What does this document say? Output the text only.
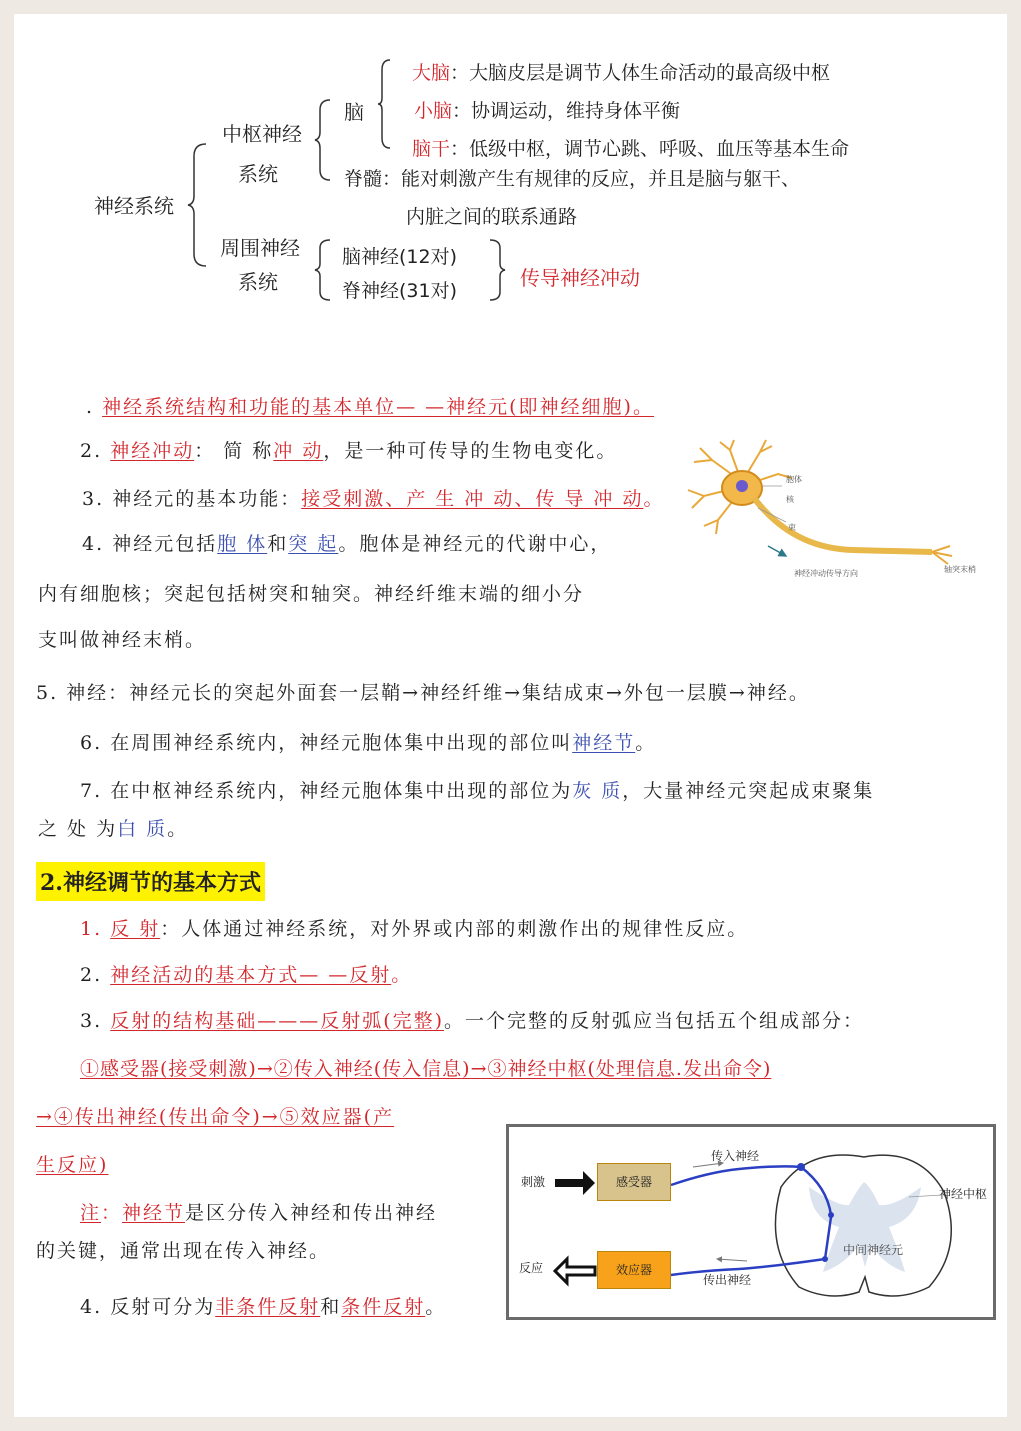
神经系统
中枢神经
系统
脑
大脑：大脑皮层是调节人体生命活动的最高级中枢
小脑：协调运动，维持身体平衡
脑干：低级中枢，调节心跳、呼吸、血压等基本生命
脊髓：能对刺激产生有规律的反应，并且是脑与躯干、
内脏之间的联系通路
周围神经
系统
脑神经(12对)
脊神经(31对)
传导神经冲动
. 神经系统结构和功能的基本单位— —神经元(即神经细胞)。
2. 神经冲动： 简 称冲 动，是一种可传导的生物电变化。
3. 神经元的基本功能：接受刺激、产 生 冲 动、传 导 冲 动。
4. 神经元包括胞 体和突 起。胞体是神经元的代谢中心，
内有细胞核；突起包括树突和轴突。神经纤维末端的细小分
支叫做神经末梢。
胞体
核
束
神经冲动传导方向	轴突末梢
5. 神经：神经元长的突起外面套一层鞘→神经纤维→集结成束→外包一层膜→神经。
6. 在周围神经系统内，神经元胞体集中出现的部位叫神经节。
7. 在中枢神经系统内，神经元胞体集中出现的部位为灰 质，大量神经元突起成束聚集
之 处 为白 质。
2.神经调节的基本方式
1. 反 射：人体通过神经系统，对外界或内部的刺激作出的规律性反应。
2. 神经活动的基本方式— —反射。
3. 反射的结构基础———反射弧(完整)。一个完整的反射弧应当包括五个组成部分：
①感受器(接受刺激)→②传入神经(传入信息)→③神经中枢(处理信息.发出命令)
→④传出神经(传出命令)→⑤效应器(产
生反应)
注：神经节是区分传入神经和传出神经
的关键，通常出现在传入神经。
4. 反射可分为非条件反射和条件反射。
刺激	感受器
传入神经
神经中枢
中间神经元
反应	效应器
传出神经
